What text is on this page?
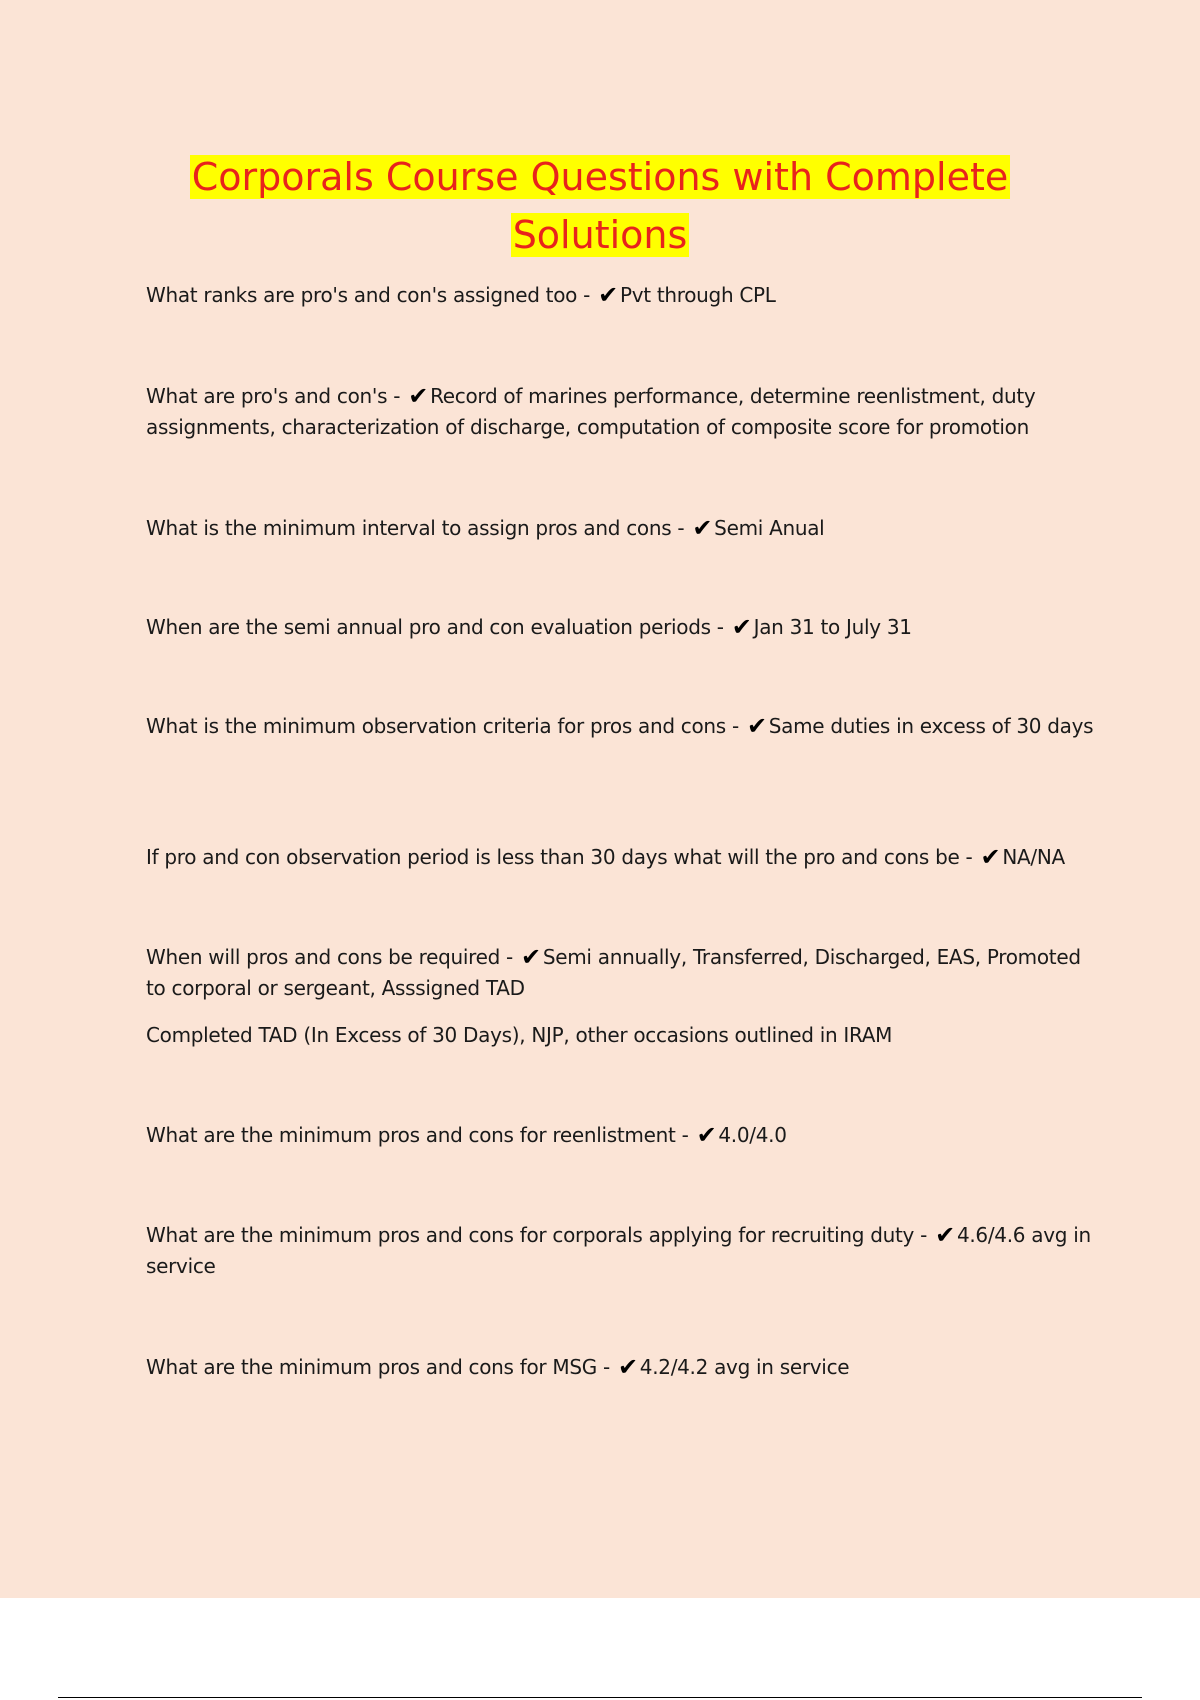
Corporals Course Questions with Complete
Solutions
What ranks are pro's and con's assigned too - ✔ Pvt through CPL
What are pro's and con's - ✔ Record of marines performance, determine reenlistment, duty assignments, characterization of discharge, computation of composite score for promotion
What is the minimum interval to assign pros and cons - ✔ Semi Anual
When are the semi annual pro and con evaluation periods - ✔ Jan 31 to July 31
What is the minimum observation criteria for pros and cons - ✔ Same duties in excess of 30 days
If pro and con observation period is less than 30 days what will the pro and cons be - ✔ NA/NA
When will pros and cons be required - ✔ Semi annually, Transferred, Discharged, EAS, Promoted to corporal or sergeant, Asssigned TAD
Completed TAD (In Excess of 30 Days), NJP, other occasions outlined in IRAM
What are the minimum pros and cons for reenlistment - ✔ 4.0/4.0
What are the minimum pros and cons for corporals applying for recruiting duty - ✔ 4.6/4.6 avg in service
What are the minimum pros and cons for MSG - ✔ 4.2/4.2 avg in service
